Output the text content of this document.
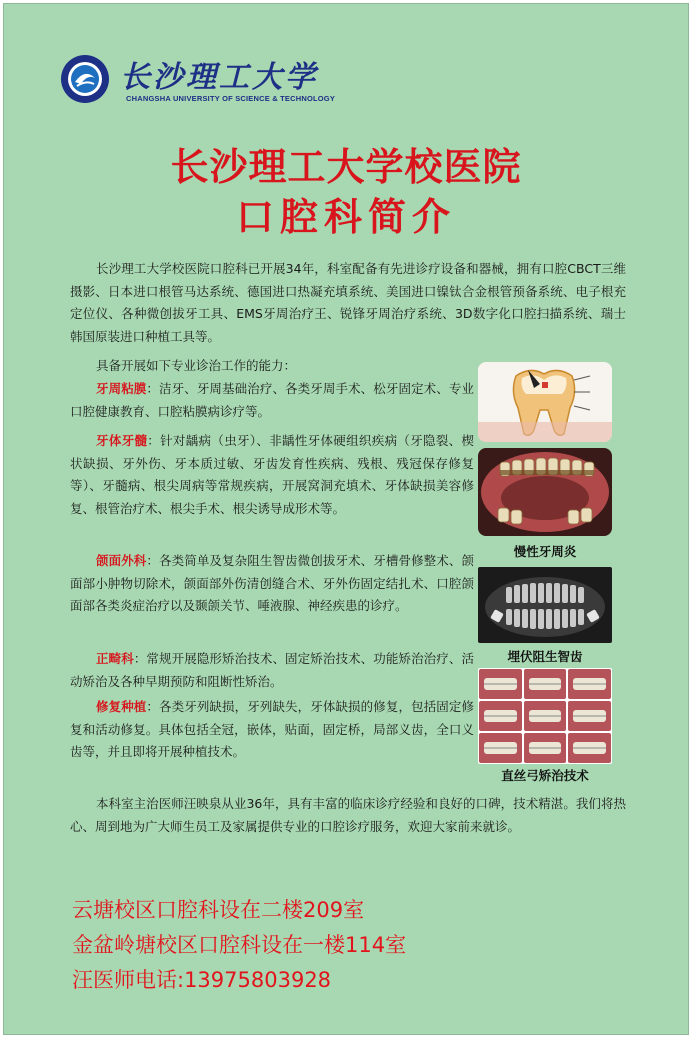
长沙理工大学
CHANGSHA UNIVERSITY OF SCIENCE & TECHNOLOGY
长沙理工大学校医院
口腔科简介
长沙理工大学校医院口腔科已开展34年，科室配备有先进诊疗设备和器械，拥有口腔CBCT三维摄影、日本进口根管马达系统、德国进口热凝充填系统、美国进口镍钛合金根管预备系统、电子根充定位仪、各种微创拔牙工具、EMS牙周治疗王、锐锋牙周治疗系统、3D数字化口腔扫描系统、瑞士韩国原装进口种植工具等。
具备开展如下专业诊治工作的能力：
牙周粘膜：洁牙、牙周基础治疗、各类牙周手术、松牙固定术、专业口腔健康教育、口腔粘膜病诊疗等。
牙体牙髓：针对龋病（虫牙）、非龋性牙体硬组织疾病（牙隐裂、楔状缺损、牙外伤、牙本质过敏、牙齿发育性疾病、残根、残冠保存修复等）、牙髓病、根尖周病等常规疾病，开展窝洞充填术、牙体缺损美容修复、根管治疗术、根尖手术、根尖诱导成形术等。
颌面外科：各类简单及复杂阻生智齿微创拔牙术、牙槽骨修整术、颌面部小肿物切除术，颌面部外伤清创缝合术、牙外伤固定结扎术、口腔颌面部各类炎症治疗以及颞颌关节、唾液腺、神经疾患的诊疗。
正畸科：常规开展隐形矫治技术、固定矫治技术、功能矫治治疗、活动矫治及各种早期预防和阻断性矫治。
修复种植：各类牙列缺损，牙列缺失，牙体缺损的修复，包括固定修复和活动修复。具体包括全冠，嵌体，贴面，固定桥，局部义齿，全口义齿等，并且即将开展种植技术。
慢性牙周炎
埋伏阻生智齿
直丝弓矫治技术
本科室主治医师汪映泉从业36年，具有丰富的临床诊疗经验和良好的口碑，技术精湛。我们将热心、周到地为广大师生员工及家属提供专业的口腔诊疗服务，欢迎大家前来就诊。
云塘校区口腔科设在二楼209室
金盆岭塘校区口腔科设在一楼114室
汪医师电话:13975803928
